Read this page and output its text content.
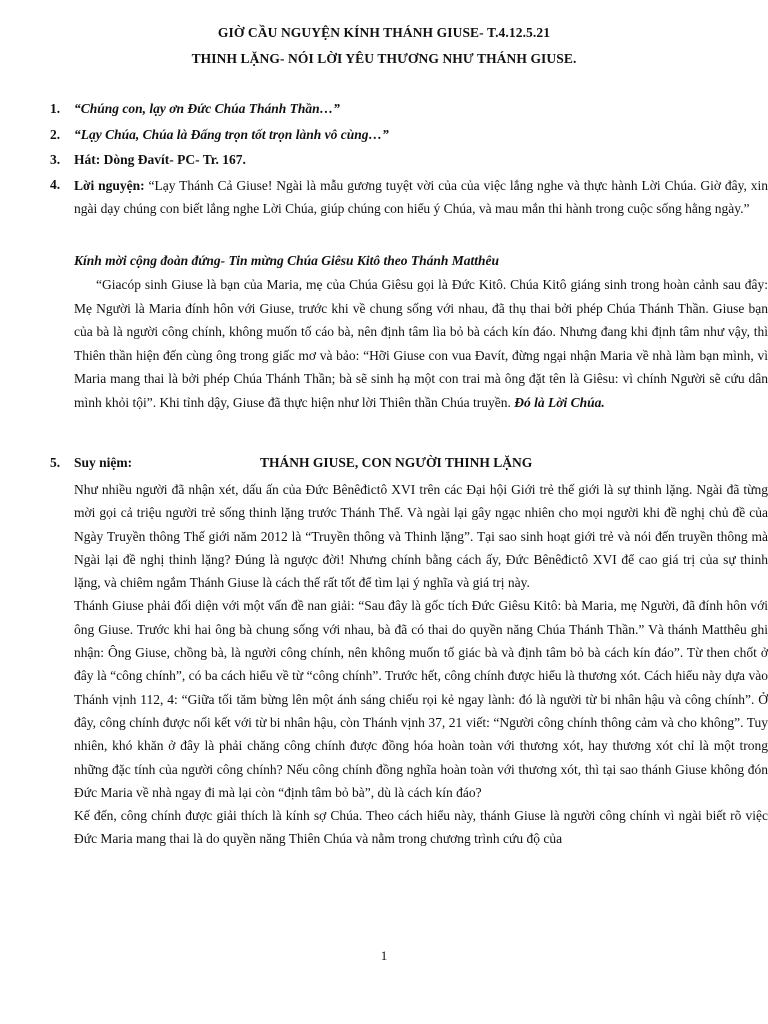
GIỜ CẦU NGUYỆN KÍNH THÁNH GIUSE- T.4.12.5.21
THINH LẶNG- NÓI LỜI YÊU THƯƠNG NHƯ THÁNH GIUSE.
1.	“Chúng con, lạy ơn Đức Chúa Thánh Thần…”
2.	“Lạy Chúa, Chúa là Đấng trọn tốt trọn lành vô cùng…”
3.	Hát: Dòng Đavít- PC- Tr. 167.
4.	Lời nguyện: “Lạy Thánh Cả Giuse! Ngài là mẫu gương tuyệt vời của của việc lắng nghe và thực hành Lời Chúa. Giờ đây, xin ngài dạy chúng con biết lắng nghe Lời Chúa, giúp chúng con hiểu ý Chúa, và mau mắn thi hành trong cuộc sống hằng ngày.”
Kính mời cộng đoàn đứng- Tin mừng Chúa Giêsu Kitô theo Thánh Matthêu
“Giacóp sinh Giuse là bạn của Maria, mẹ của Chúa Giêsu gọi là Đức Kitô. Chúa Kitô giáng sinh trong hoàn cảnh sau đây: Mẹ Người là Maria đính hôn với Giuse, trước khi về chung sống với nhau, đã thụ thai bởi phép Chúa Thánh Thần. Giuse bạn của bà là người công chính, không muốn tố cáo bà, nên định tâm lìa bỏ bà cách kín đáo. Nhưng đang khi định tâm như vậy, thì Thiên thần hiện đến cùng ông trong giấc mơ và bảo: “Hỡi Giuse con vua Đavít, đừng ngại nhận Maria về nhà làm bạn mình, vì Maria mang thai là bởi phép Chúa Thánh Thần; bà sẽ sinh hạ một con trai mà ông đặt tên là Giêsu: vì chính Người sẽ cứu dân mình khỏi tội”. Khi tỉnh dậy, Giuse đã thực hiện như lời Thiên thần Chúa truyền. Đó là Lời Chúa.
5.	Suy niệm:	THÁNH GIUSE, CON NGƯỜI THINH LẶNG

Như nhiều người đã nhận xét, dấu ấn của Đức Bênêđictô XVI trên các Đại hội Giới trẻ thế giới là sự thinh lặng. Ngài đã từng mời gọi cả triệu người trẻ sống thinh lặng trước Thánh Thể. Và ngài lại gây ngạc nhiên cho mọi người khi đề nghị chủ đề của Ngày Truyền thông Thế giới năm 2012 là “Truyền thông và Thinh lặng”. Tại sao sinh hoạt giới trẻ và nói đến truyền thông mà Ngài lại đề nghị thinh lặng? Đúng là ngược đời! Nhưng chính bằng cách ấy, Đức Bênêđictô XVI để cao giá trị của sự thinh lặng, và chiêm ngắm Thánh Giuse là cách thế rất tốt để tìm lại ý nghĩa và giá trị này.

Thánh Giuse phải đối diện với một vấn đề nan giải: “Sau đây là gốc tích Đức Giêsu Kitô: bà Maria, mẹ Người, đã đính hôn với ông Giuse. Trước khi hai ông bà chung sống với nhau, bà đã có thai do quyền năng Chúa Thánh Thần.” Và thánh Matthêu ghi nhận: Ông Giuse, chồng bà, là người công chính, nên không muốn tố giác bà và định tâm bỏ bà cách kín đáo”. Từ then chốt ở đây là “công chính”, có ba cách hiểu về từ “công chính”. Trước hết, công chính được hiểu là thương xót. Cách hiểu này dựa vào Thánh vịnh 112, 4: “Giữa tối tăm bừng lên một ánh sáng chiếu rọi kẻ ngay lành: đó là người từ bi nhân hậu và công chính”. Ở đây, công chính được nối kết với từ bi nhân hậu, còn Thánh vịnh 37, 21 viết: “Người công chính thông cảm và cho không”. Tuy nhiên, khó khăn ở đây là phải chăng công chính được đồng hóa hoàn toàn với thương xót, hay thương xót chỉ là một trong những đặc tính của người công chính? Nếu công chính đồng nghĩa hoàn toàn với thương xót, thì tại sao thánh Giuse không đón Đức Maria về nhà ngay đi mà lại còn “định tâm bỏ bà”, dù là cách kín đáo?

Kế đến, công chính được giải thích là kính sợ Chúa. Theo cách hiểu này, thánh Giuse là người công chính vì ngài biết rõ việc Đức Maria mang thai là do quyền năng Thiên Chúa và nằm trong chương trình cứu độ của

1
